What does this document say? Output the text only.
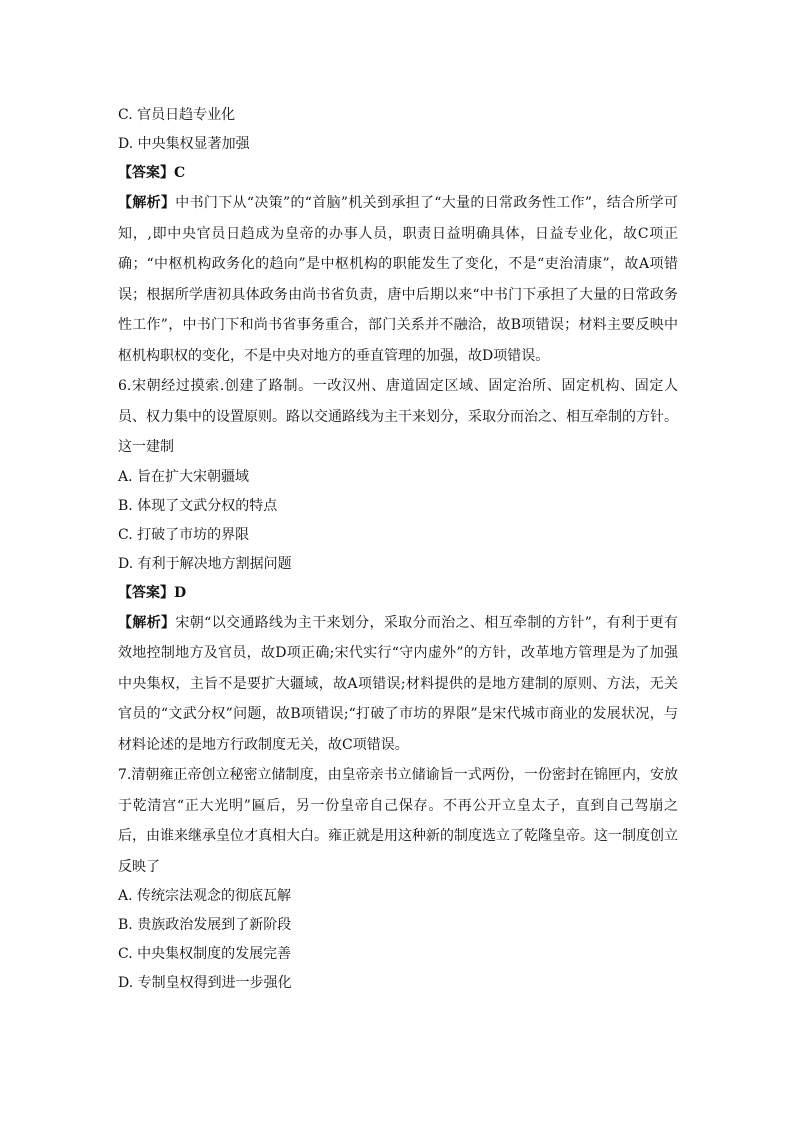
C. 官员日趋专业化

D. 中央集权显著加强

【答案】C

【解析】中书门下从“决策”的“首脑”机关到承担了“大量的日常政务性工作”，结合所学可知，,即中央官员日趋成为皇帝的办事人员，职责日益明确具体，日益专业化，故C项正确；“中枢机构政务化的趋向”是中枢机构的职能发生了变化，不是“吏治清康”，故A项错误；根据所学唐初具体政务由尚书省负责，唐中后期以来“中书门下承担了大量的日常政务性工作”，中书门下和尚书省事务重合，部门关系并不融洽，故B项错误；材料主要反映中枢机构职权的变化，不是中央对地方的垂直管理的加强，故D项错误。

6.宋朝经过摸索.创建了路制。一改汉州、唐道固定区域、固定治所、固定机构、固定人员、权力集中的设置原则。路以交通路线为主干来划分，采取分而治之、相互牵制的方针。这一建制

A. 旨在扩大宋朝疆域

B. 体现了文武分权的特点

C. 打破了市坊的界限

D. 有利于解决地方割据问题

【答案】D

【解析】宋朝“以交通路线为主干来划分，采取分而治之、相互牵制的方针”，有利于更有效地控制地方及官员，故D项正确;宋代实行“守内虚外”的方针，改革地方管理是为了加强中央集权，主旨不是要扩大疆域，故A项错误;材料提供的是地方建制的原则、方法，无关官员的“文武分权”问题，故B项错误;“打破了市坊的界限”是宋代城市商业的发展状况，与材料论述的是地方行政制度无关，故C项错误。

7.清朝雍正帝创立秘密立储制度，由皇帝亲书立储谕旨一式两份，一份密封在锦匣内，安放于乾清宫“正大光明”匾后，另一份皇帝自己保存。不再公开立皇太子，直到自己驾崩之后，由谁来继承皇位才真相大白。雍正就是用这种新的制度选立了乾隆皇帝。这一制度创立反映了

A. 传统宗法观念的彻底瓦解

B. 贵族政治发展到了新阶段

C. 中央集权制度的发展完善

D. 专制皇权得到进一步强化
